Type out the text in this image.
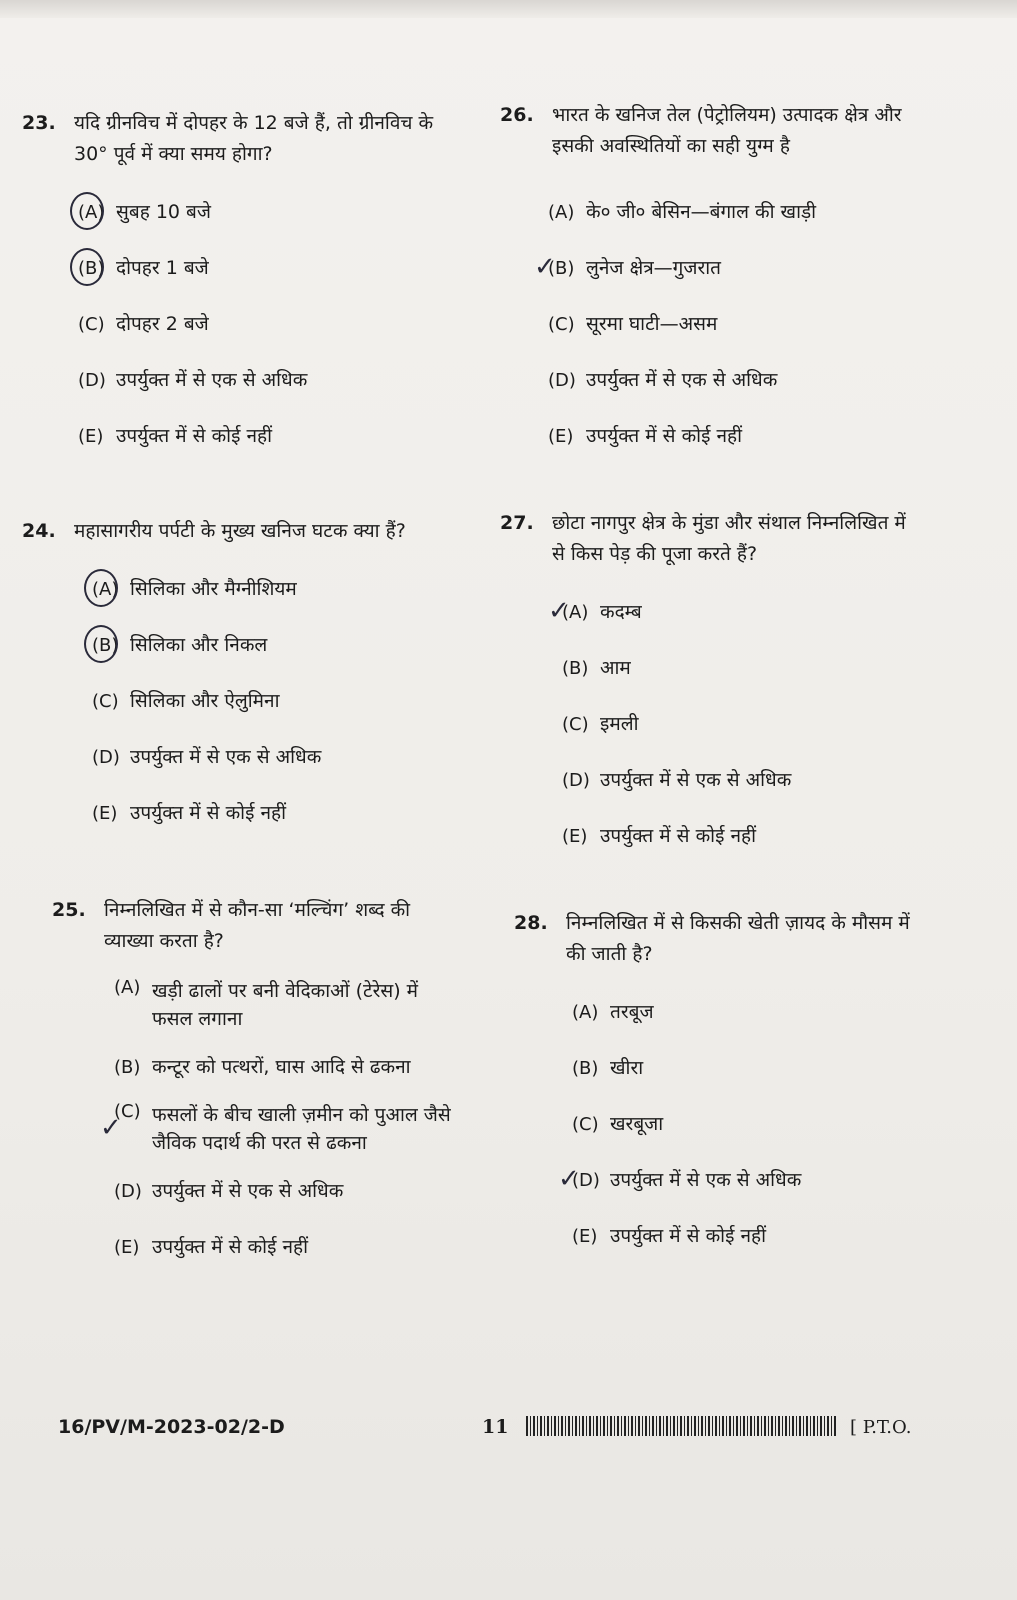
23. यदि ग्रीनविच में दोपहर के 12 बजे हैं, तो ग्रीनविच के 30° पूर्व में क्या समय होगा?
(A) सुबह 10 बजे
(B) दोपहर 1 बजे
(C) दोपहर 2 बजे
(D) उपर्युक्त में से एक से अधिक
(E) उपर्युक्त में से कोई नहीं
24. महासागरीय पर्पटी के मुख्य खनिज घटक क्या हैं?
(A) सिलिका और मैग्नीशियम
(B) सिलिका और निकल
(C) सिलिका और ऐलुमिना
(D) उपर्युक्त में से एक से अधिक
(E) उपर्युक्त में से कोई नहीं
25. निम्नलिखित में से कौन-सा ‘मल्चिंग’ शब्द की व्याख्या करता है?
(A) खड़ी ढालों पर बनी वेदिकाओं (टेरेस) में फसल लगाना
(B) कन्टूर को पत्थरों, घास आदि से ढकना
✓
(C) फसलों के बीच खाली ज़मीन को पुआल जैसे जैविक पदार्थ की परत से ढकना
(D) उपर्युक्त में से एक से अधिक
(E) उपर्युक्त में से कोई नहीं
26. भारत के खनिज तेल (पेट्रोलियम) उत्पादक क्षेत्र और इसकी अवस्थितियों का सही युग्म है
(A) के० जी० बेसिन—बंगाल की खाड़ी
✓
(B) लुनेज क्षेत्र—गुजरात
(C) सूरमा घाटी—असम
(D) उपर्युक्त में से एक से अधिक
(E) उपर्युक्त में से कोई नहीं
27. छोटा नागपुर क्षेत्र के मुंडा और संथाल निम्नलिखित में से किस पेड़ की पूजा करते हैं?
✓
(A) कदम्ब
(B) आम
(C) इमली
(D) उपर्युक्त में से एक से अधिक
(E) उपर्युक्त में से कोई नहीं
28. निम्नलिखित में से किसकी खेती ज़ायद के मौसम में की जाती है?
(A) तरबूज
(B) खीरा
(C) खरबूजा
✓
(D) उपर्युक्त में से एक से अधिक
(E) उपर्युक्त में से कोई नहीं
16/PV/M-2023-02/2-D	11	[ P.T.O.
